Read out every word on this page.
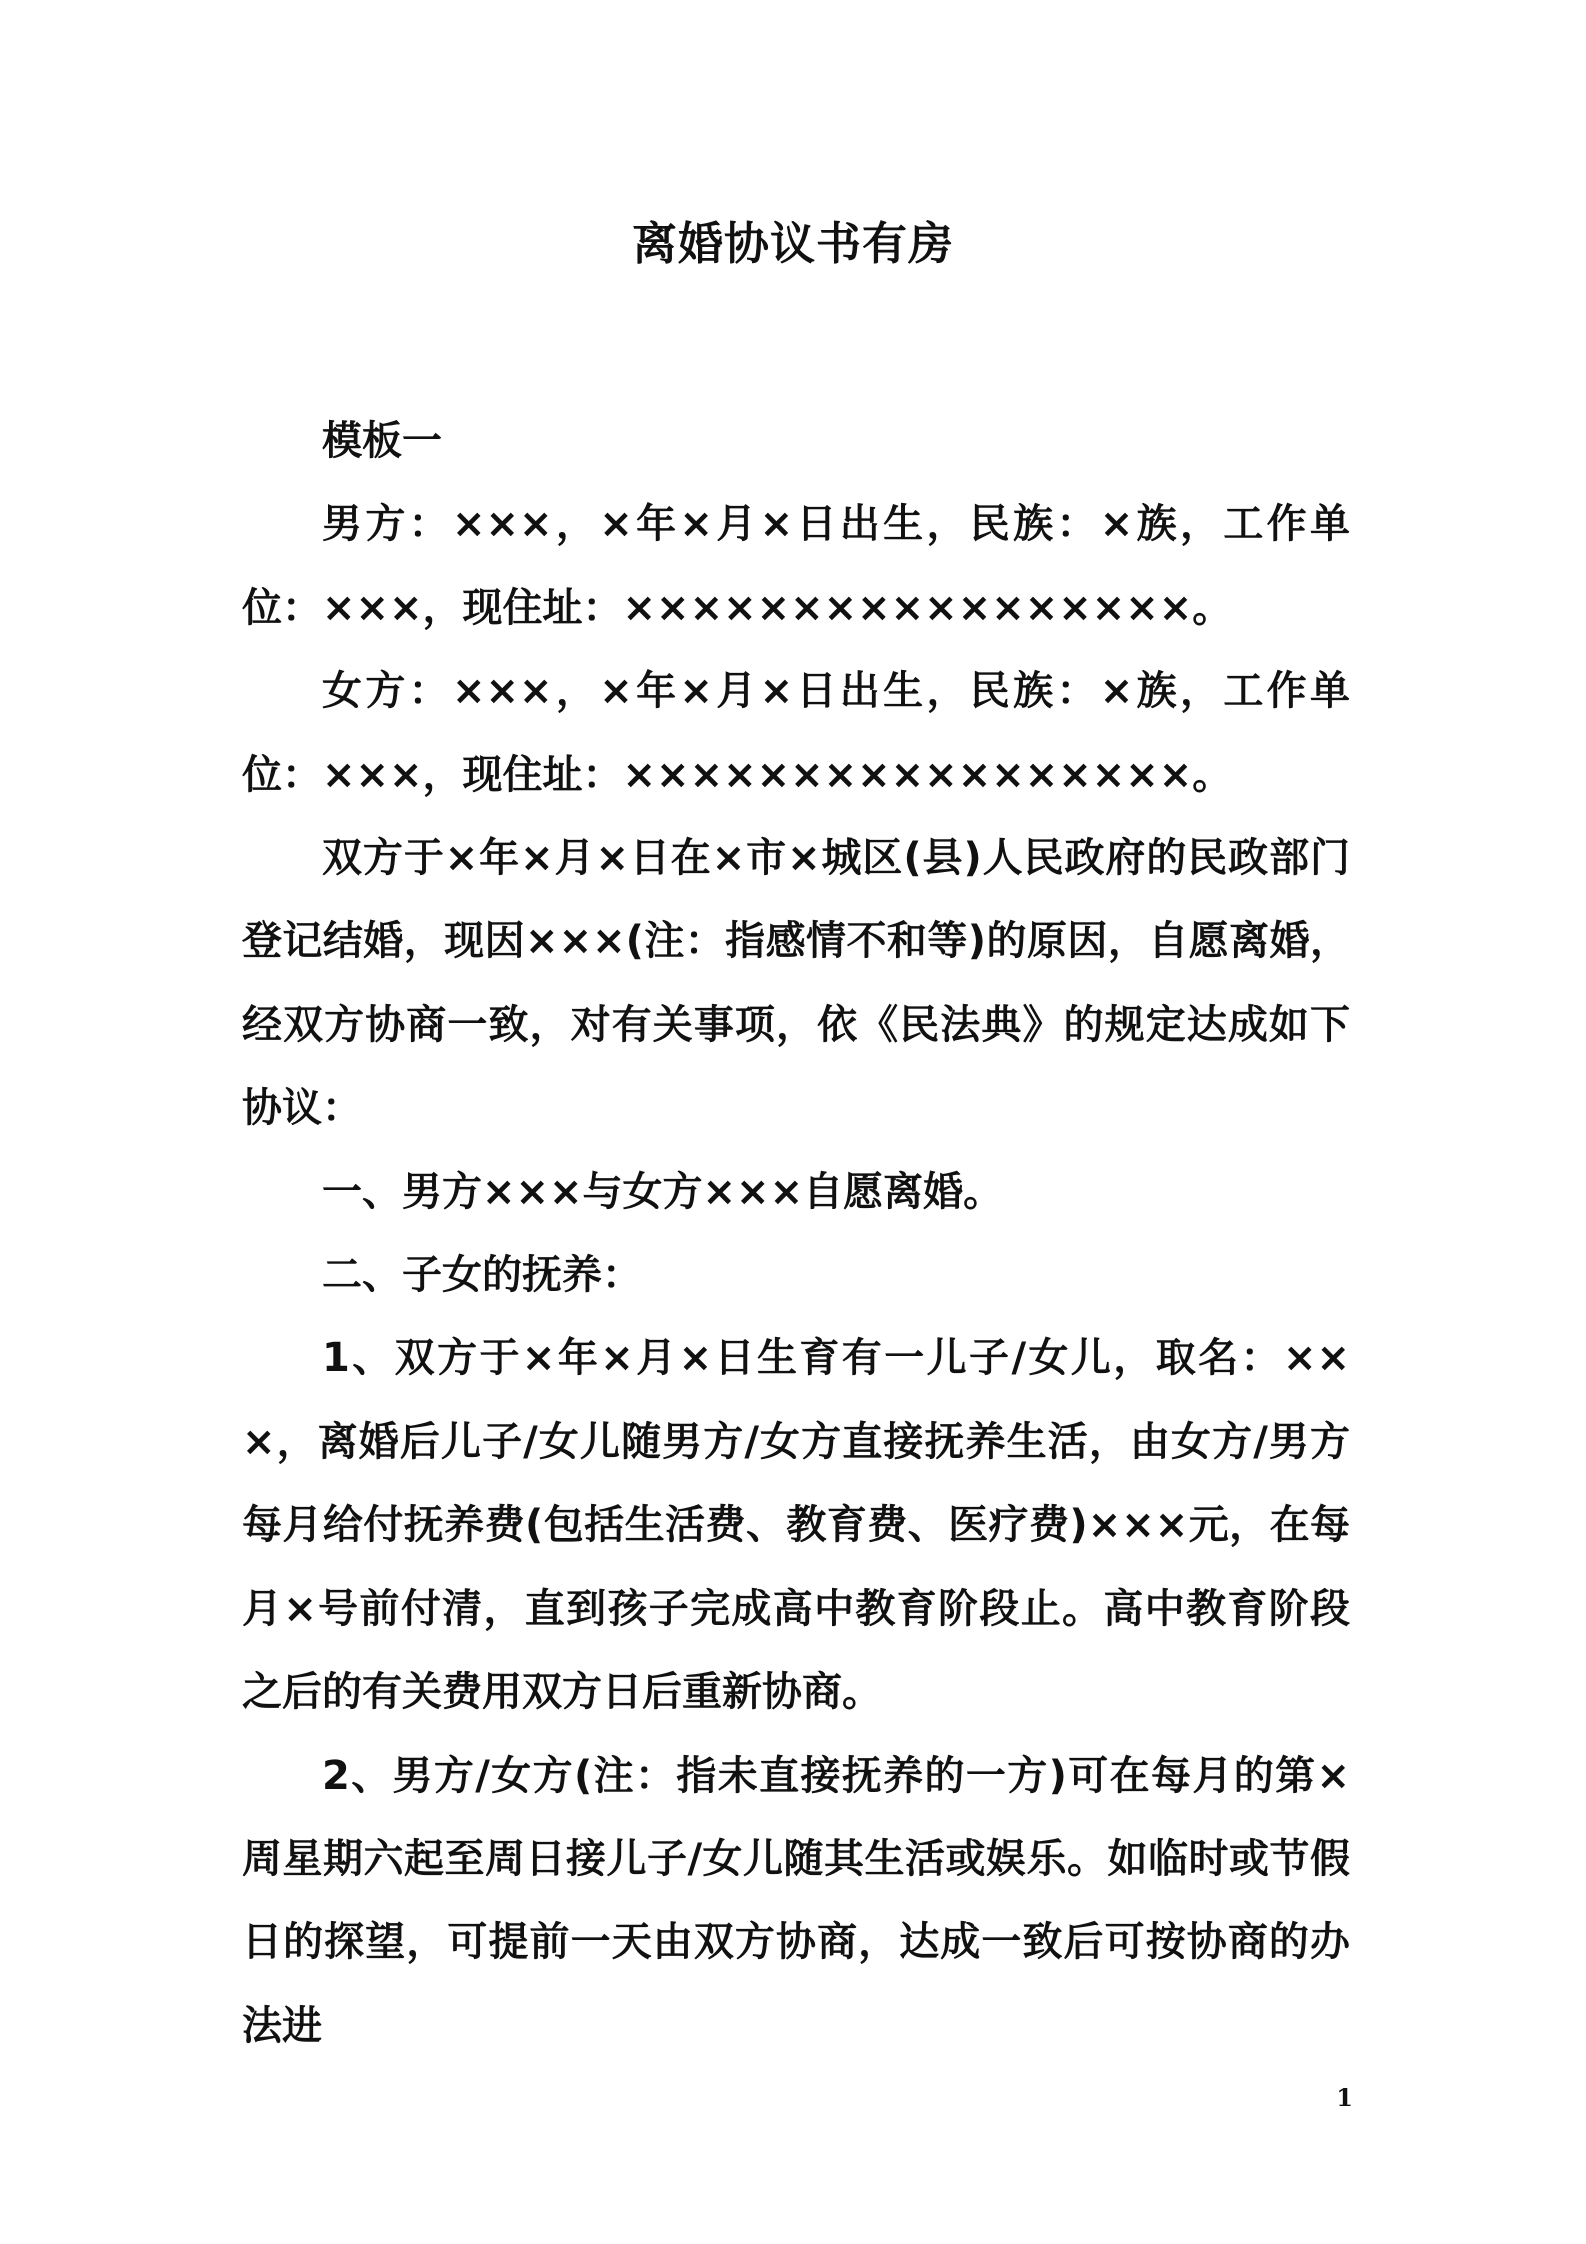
离婚协议书有房

模板一

男方：×××，×年×月×日出生，民族：×族，工作单位：×××，现住址：×××××××××××××××××。

女方：×××，×年×月×日出生，民族：×族，工作单位：×××，现住址：×××××××××××××××××。

双方于×年×月×日在×市×城区(县)人民政府的民政部门登记结婚，现因×××(注：指感情不和等)的原因，自愿离婚，经双方协商一致，对有关事项，依《民法典》的规定达成如下协议：

一、男方×××与女方×××自愿离婚。

二、子女的抚养：

1、双方于×年×月×日生育有一儿子/女儿，取名：×××，离婚后儿子/女儿随男方/女方直接抚养生活，由女方/男方每月给付抚养费(包括生活费、教育费、医疗费)×××元，在每月×号前付清，直到孩子完成高中教育阶段止。高中教育阶段之后的有关费用双方日后重新协商。

2、男方/女方(注：指未直接抚养的一方)可在每月的第×周星期六起至周日接儿子/女儿随其生活或娱乐。如临时或节假日的探望，可提前一天由双方协商，达成一致后可按协商的办法进

1
